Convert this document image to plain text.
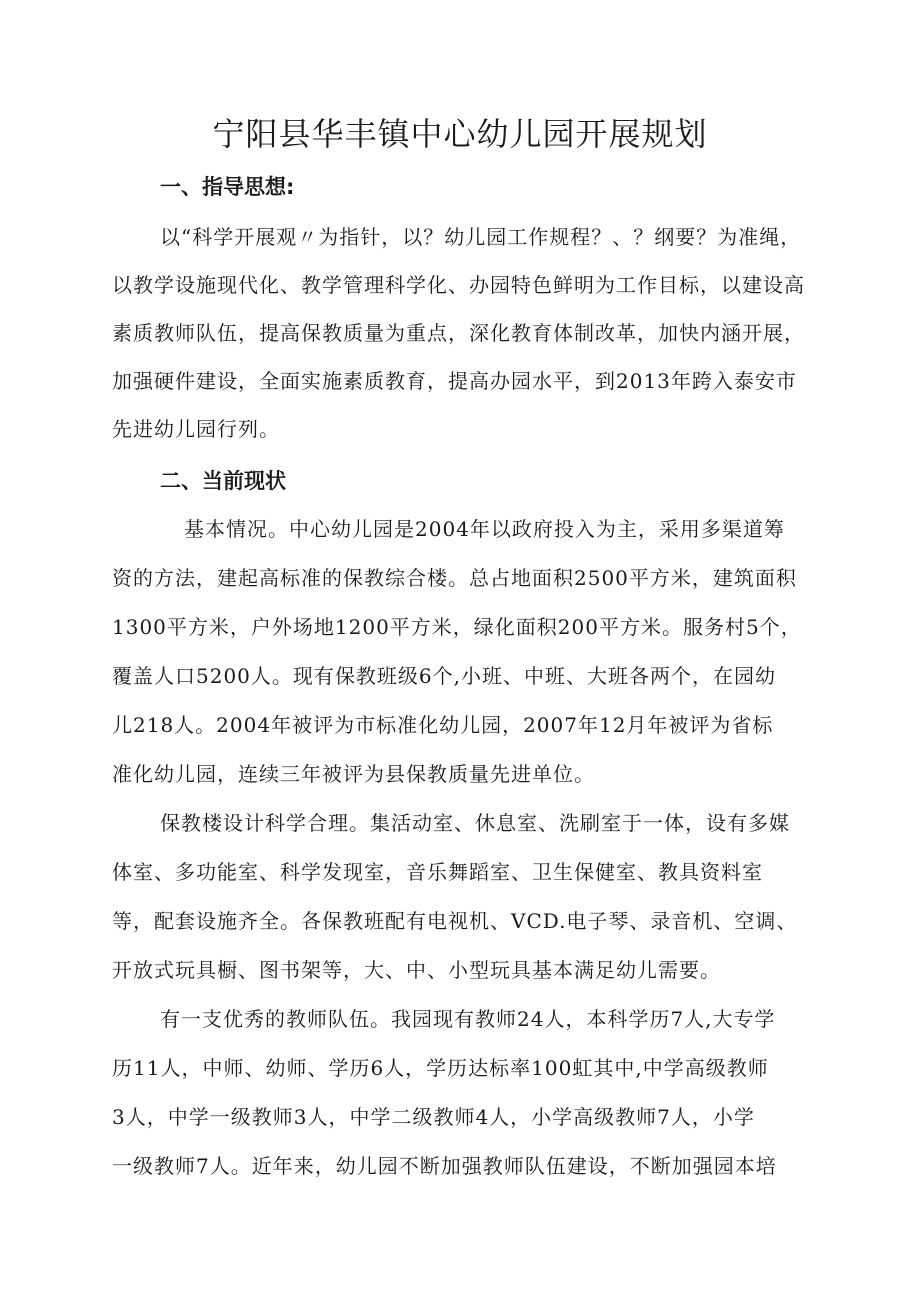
宁阳县华丰镇中心幼儿园开展规划
一、指导思想:
以“科学开展观〃为指针，以？幼儿园工作规程？、？纲要？为准绳，
以教学设施现代化、教学管理科学化、办园特色鲜明为工作目标，以建设高
素质教师队伍，提高保教质量为重点，深化教育体制改革，加快内涵开展，
加强硬件建设，全面实施素质教育，提高办园水平，到2013年跨入泰安市
先进幼儿园行列。
二、当前现状
基本情况。中心幼儿园是2004年以政府投入为主，采用多渠道筹
资的方法，建起高标准的保教综合楼。总占地面积2500平方米，建筑面积
1300平方米，户外场地1200平方米，绿化面积200平方米。服务村5个，
覆盖人口5200人。现有保教班级6个,小班、中班、大班各两个，在园幼
儿218人。2004年被评为市标准化幼儿园，2007年12月年被评为省标
准化幼儿园，连续三年被评为县保教质量先进单位。
保教楼设计科学合理。集活动室、休息室、洗刷室于一体，设有多媒
体室、多功能室、科学发现室，音乐舞蹈室、卫生保健室、教具资料室
等，配套设施齐全。各保教班配有电视机、VCD.电子琴、录音机、空调、
开放式玩具橱、图书架等，大、中、小型玩具基本满足幼儿需要。
有一支优秀的教师队伍。我园现有教师24人，本科学历7人,大专学
历11人，中师、幼师、学历6人，学历达标率100虹其中,中学高级教师
3人，中学一级教师3人，中学二级教师4人，小学高级教师7人，小学
一级教师7人。近年来，幼儿园不断加强教师队伍建设，不断加强园本培
